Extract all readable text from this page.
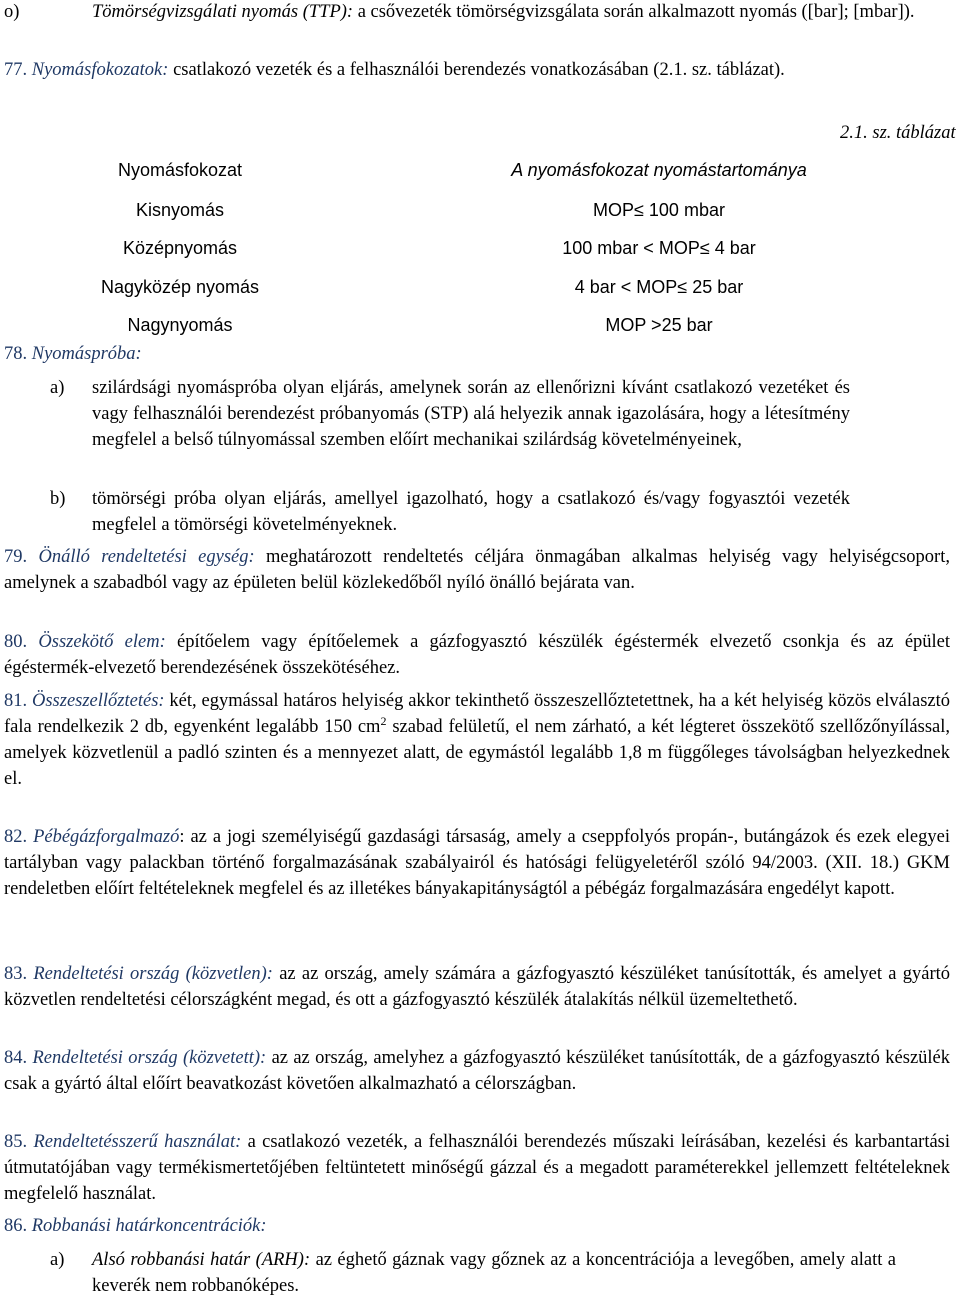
o)	Tömörségvizsgálati nyomás (TTP): a csővezeték tömörségvizsgálata során alkalmazott nyomás ([bar]; [mbar]).

77. Nyomásfokozatok: csatlakozó vezeték és a felhasználói berendezés vonatkozásában (2.1. sz. táblázat).

2.1. sz. táblázat
Nyomásfokozat	A nyomásfokozat nyomástartománya
Kisnyomás	MOP≤ 100 mbar
Középnyomás	100 mbar < MOP≤ 4 bar
Nagyközép nyomás	4 bar < MOP≤ 25 bar
Nagynyomás	MOP >25 bar

78. Nyomáspróba:

a) szilárdsági nyomáspróba olyan eljárás, amelynek során az ellenőrizni kívánt csatlakozó vezetéket és vagy felhasználói berendezést próbanyomás (STP) alá helyezik annak igazolására, hogy a létesítmény megfelel a belső túlnyomással szemben előírt mechanikai szilárdság követelményeinek,

b) tömörségi próba olyan eljárás, amellyel igazolható, hogy a csatlakozó és/vagy fogyasztói vezeték megfelel a tömörségi követelményeknek.

79. Önálló rendeltetési egység: meghatározott rendeltetés céljára önmagában alkalmas helyiség vagy helyiségcsoport, amelynek a szabadból vagy az épületen belül közlekedőből nyíló önálló bejárata van.

80. Összekötő elem: építőelem vagy építőelemek a gázfogyasztó készülék égéstermék elvezető csonkja és az épület égéstermék-elvezető berendezésének összekötéséhez.

81. Összeszellőztetés: két, egymással határos helyiség akkor tekinthető összeszellőztetettnek, ha a két helyiség közös elválasztó fala rendelkezik 2 db, egyenként legalább 150 $cm^2$ szabad felületű, el nem zárható, a két légteret összekötő szellőzőnyílással, amelyek közvetlenül a padló szinten és a mennyezet alatt, de egymástól legalább 1,8 m függőleges távolságban helyezkednek el.

82. Pébégázforgalmazó: az a jogi személyiségű gazdasági társaság, amely a cseppfolyós propán-, butángázok és ezek elegyei tartályban vagy palackban történő forgalmazásának szabályairól és hatósági felügyeletéről szóló 94/2003. (XII. 18.) GKM rendeletben előírt feltételeknek megfelel és az illetékes bányakapitányságtól a pébégáz forgalmazására engedélyt kapott.

83. Rendeltetési ország (közvetlen): az az ország, amely számára a gázfogyasztó készüléket tanúsították, és amelyet a gyártó közvetlen rendeltetési célországként megad, és ott a gázfogyasztó készülék átalakítás nélkül üzemeltethető.

84. Rendeltetési ország (közvetett): az az ország, amelyhez a gázfogyasztó készüléket tanúsították, de a gázfogyasztó készülék csak a gyártó által előírt beavatkozást követően alkalmazható a célországban.

85. Rendeltetésszerű használat: a csatlakozó vezeték, a felhasználói berendezés műszaki leírásában, kezelési és karbantartási útmutatójában vagy termékismertetőjében feltüntetett minőségű gázzal és a megadott paraméterekkel jellemzett feltételeknek megfelelő használat.

86. Robbanási határkoncentrációk:

a) Alsó robbanási határ (ARH): az éghető gáznak vagy gőznek az a koncentrációja a levegőben, amely alatt a keverék nem robbanóképes.
